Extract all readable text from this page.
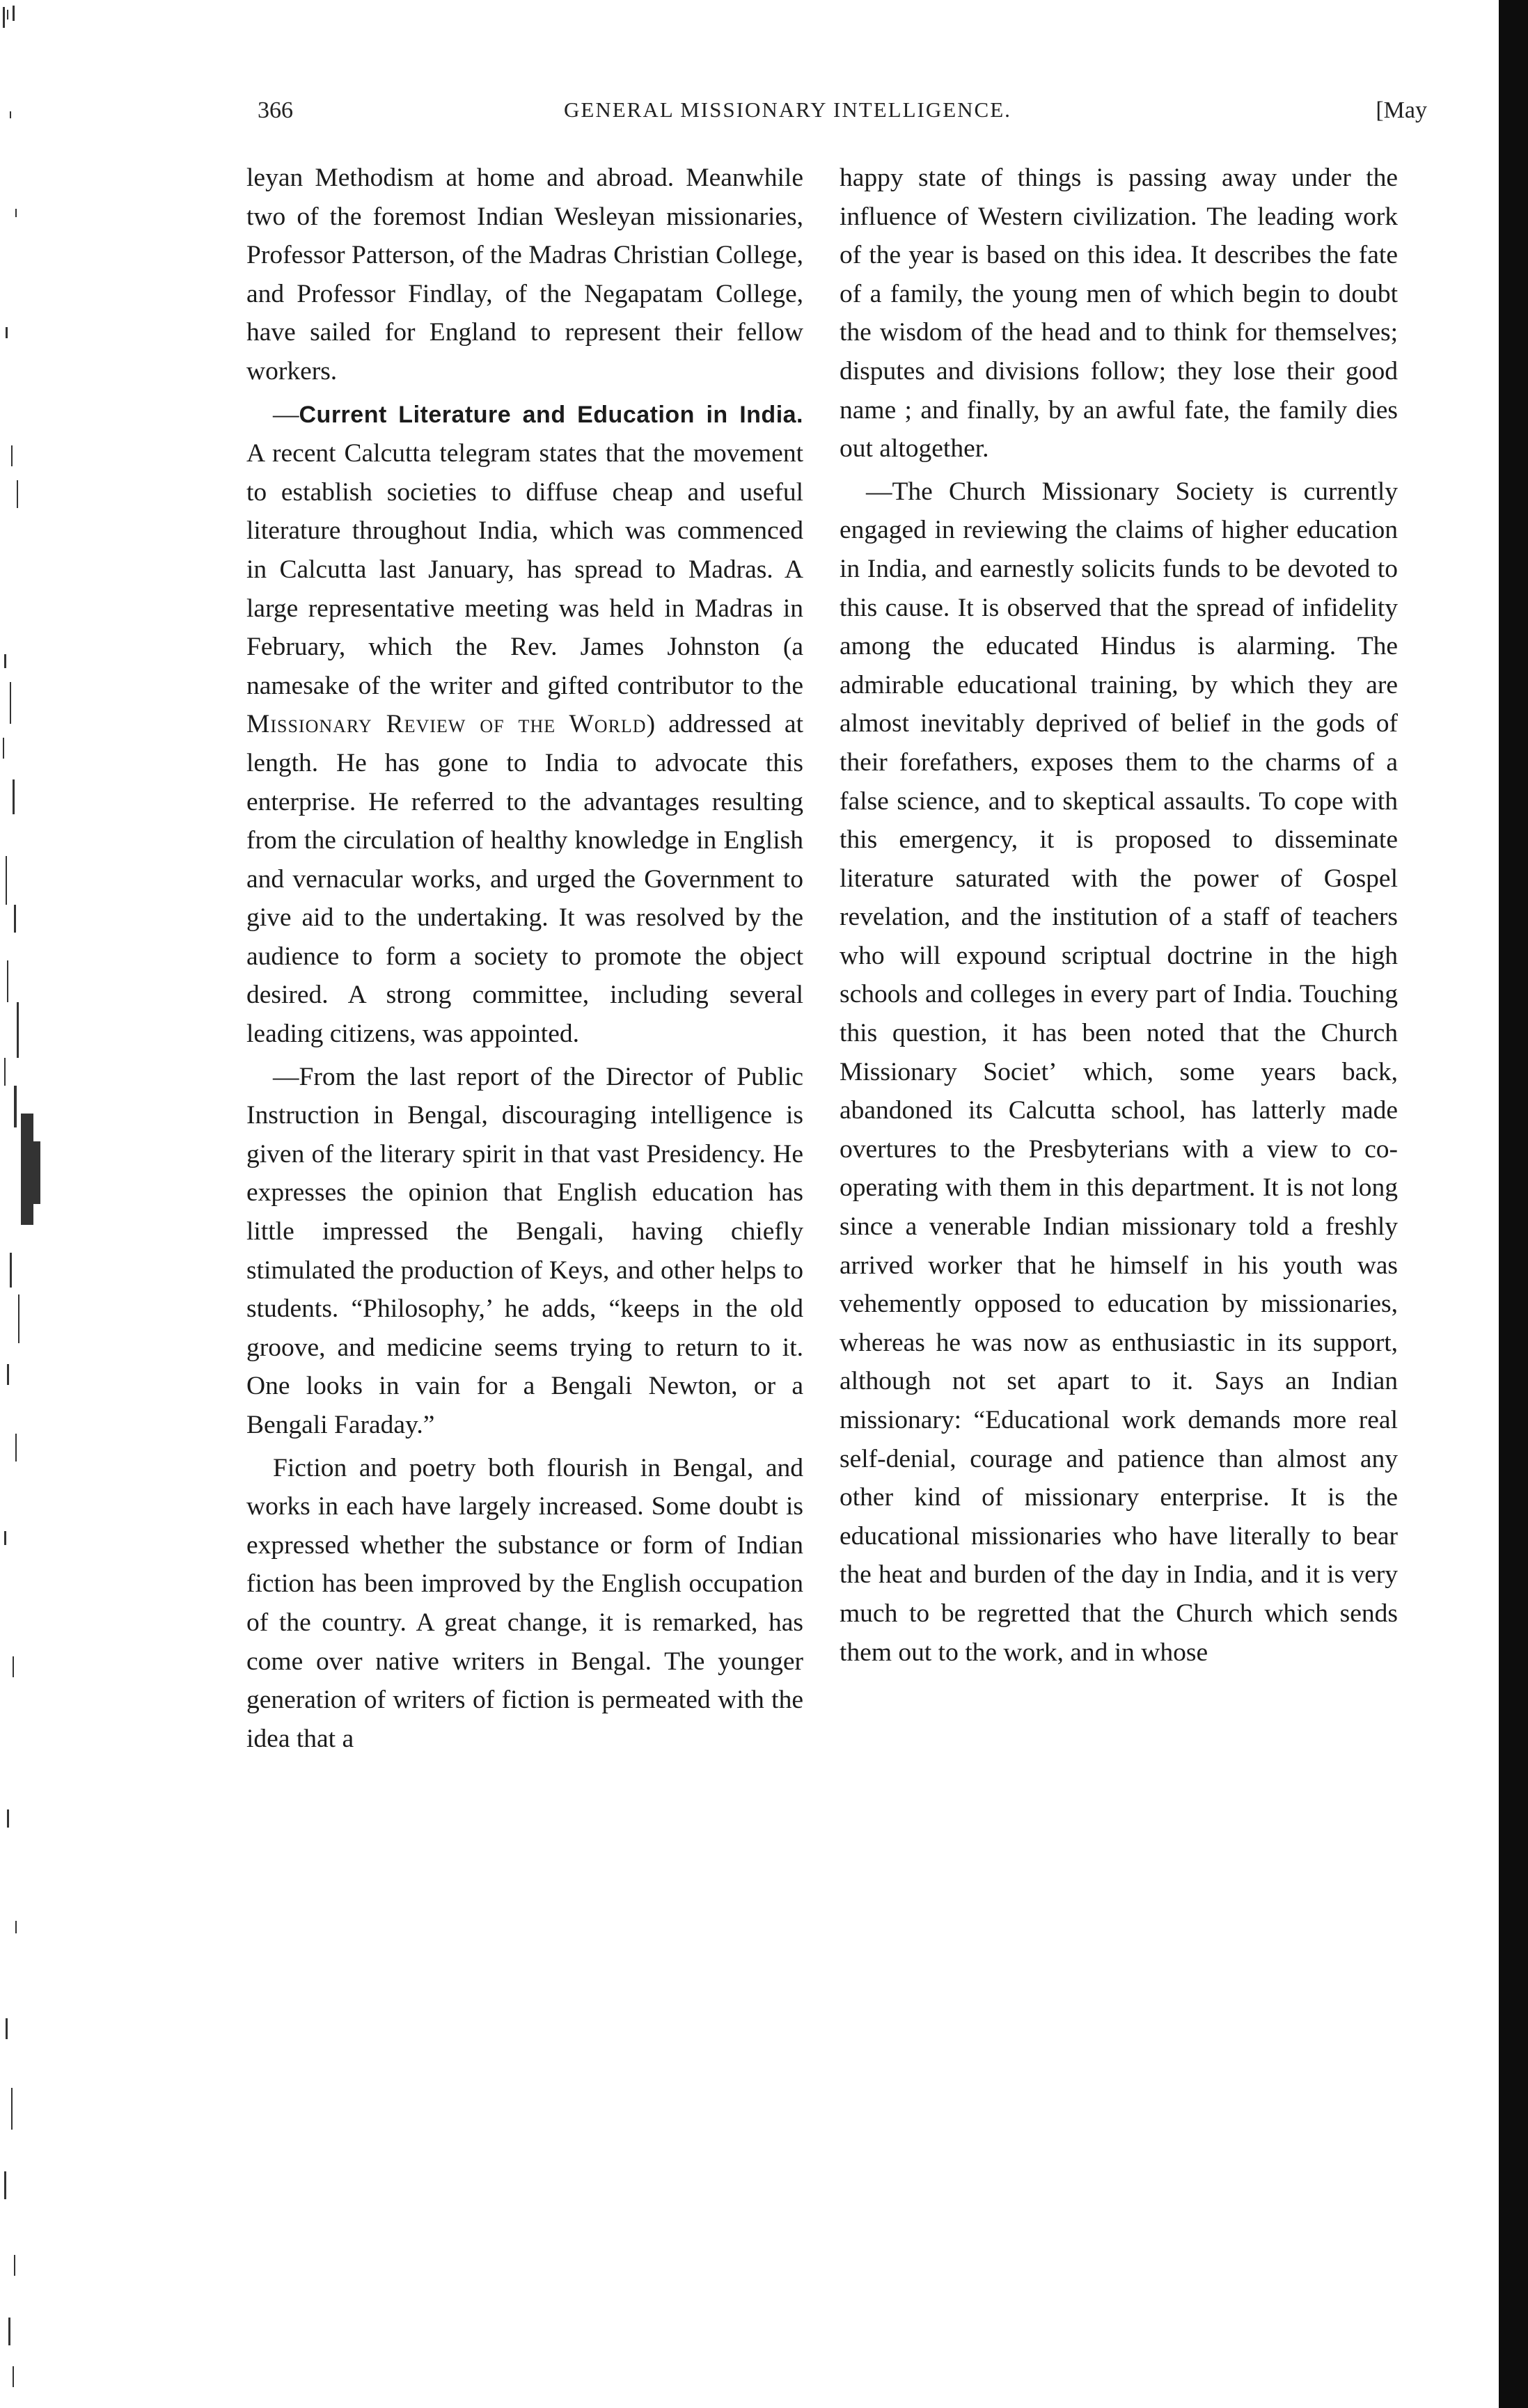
366	GENERAL MISSIONARY INTELLIGENCE.	[May

leyan Methodism at home and abroad. Meanwhile two of the foremost Indian Wesleyan missionaries, Professor Patterson, of the Madras Christian College, and Professor Findlay, of the Negapatam College, have sailed for England to represent their fellow workers.

—Current Literature and Education in India. A recent Calcutta telegram states that the movement to establish societies to diffuse cheap and useful literature throughout India, which was commenced in Calcutta last January, has spread to Madras. A large representative meeting was held in Madras in February, which the Rev. James Johnston (a namesake of the writer and gifted contributor to the Missionary Review of the World) addressed at length. He has gone to India to advocate this enterprise. He referred to the advantages resulting from the circulation of healthy knowledge in English and vernacular works, and urged the Government to give aid to the undertaking. It was resolved by the audience to form a society to promote the object desired. A strong committee, including several leading citizens, was appointed.

—From the last report of the Director of Public Instruction in Bengal, discouraging intelligence is given of the literary spirit in that vast Presidency. He expresses the opinion that English education has little impressed the Bengali, having chiefly stimulated the production of Keys, and other helps to students. “Philosophy,’ he adds, “keeps in the old groove, and medicine seems trying to return to it. One looks in vain for a Bengali Newton, or a Bengali Faraday.”

Fiction and poetry both flourish in Bengal, and works in each have largely increased. Some doubt is expressed whether the substance or form of Indian fiction has been improved by the English occupation of the country. A great change, it is remarked, has come over native writers in Bengal. The younger generation of writers of fiction is permeated with the idea that a

happy state of things is passing away under the influence of Western civilization. The leading work of the year is based on this idea. It describes the fate of a family, the young men of which begin to doubt the wisdom of the head and to think for themselves; disputes and divisions follow; they lose their good name ; and finally, by an awful fate, the family dies out altogether.

—The Church Missionary Society is currently engaged in reviewing the claims of higher education in India, and earnestly solicits funds to be devoted to this cause. It is observed that the spread of infidelity among the educated Hindus is alarming. The admirable educational training, by which they are almost inevitably deprived of belief in the gods of their forefathers, exposes them to the charms of a false science, and to skeptical assaults. To cope with this emergency, it is proposed to disseminate literature saturated with the power of Gospel revelation, and the institution of a staff of teachers who will expound scriptual doctrine in the high schools and colleges in every part of India. Touching this question, it has been noted that the Church Missionary Societʼ which, some years back, abandoned its Calcutta school, has latterly made overtures to the Presbyterians with a view to co-operating with them in this department. It is not long since a venerable Indian missionary told a freshly arrived worker that he himself in his youth was vehemently opposed to education by missionaries, whereas he was now as enthusiastic in its support, although not set apart to it. Says an Indian missionary: “Educational work demands more real self-denial, courage and patience than almost any other kind of missionary enterprise. It is the educational missionaries who have literally to bear the heat and burden of the day in India, and it is very much to be regretted that the Church which sends them out to the work, and in whose
